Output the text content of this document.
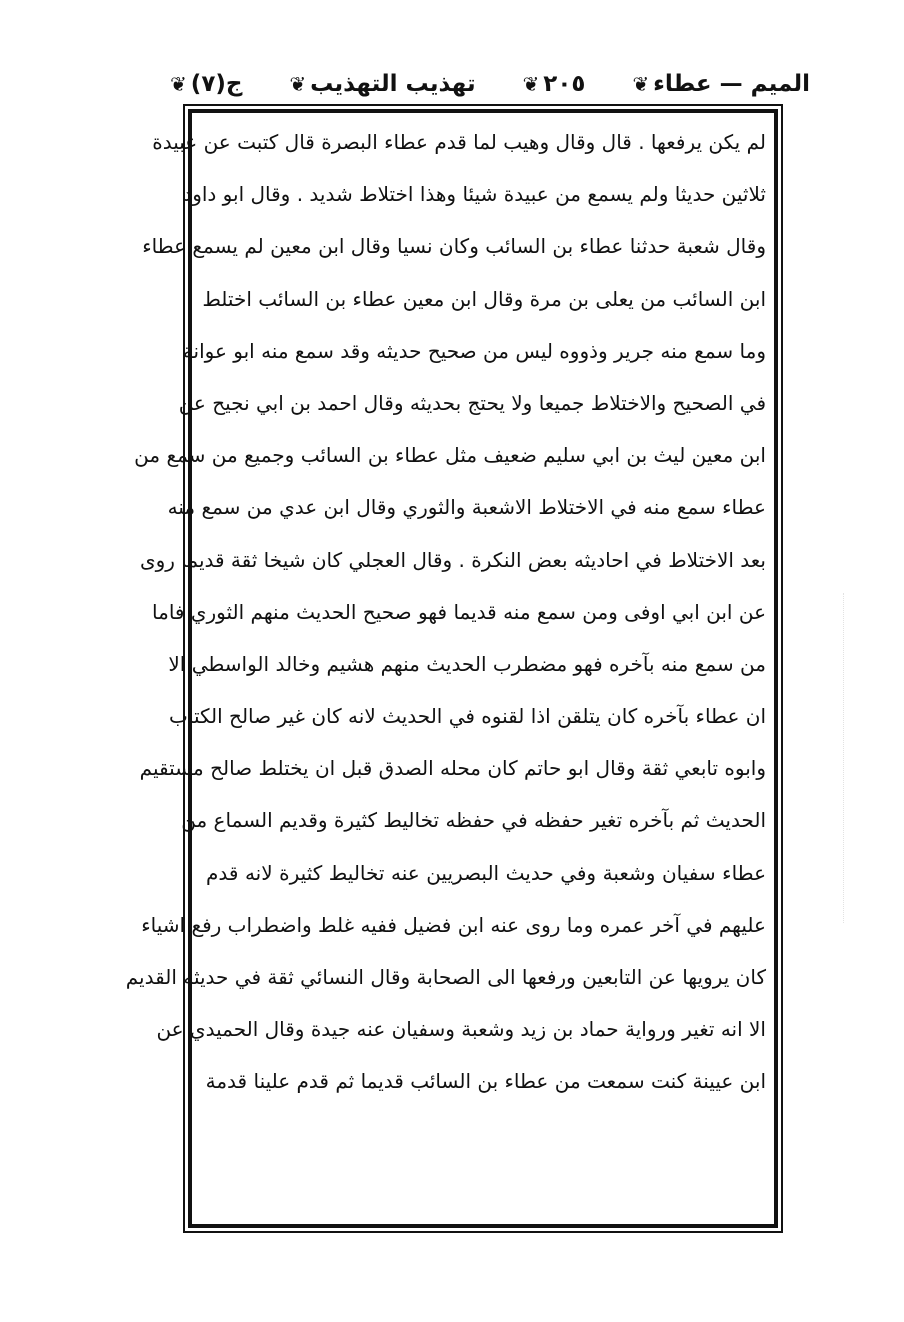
ج(٧)
❦	تهذيب التهذيب
❦	٢٠٥
❦	الميم — عطاء
❦
لم يكن يرفعها . قال وقال وهيب لما قدم عطاء البصرة قال كتبت عن عبيدة
ثلاثين حديثا ولم يسمع من عبيدة شيئا وهذا اختلاط شديد . وقال ابو داود
وقال شعبة حدثنا عطاء بن السائب وكان نسيا وقال ابن معين لم يسمع عطاء
ابن السائب من يعلى بن مرة وقال ابن معين عطاء بن السائب اختلط
وما سمع منه جرير وذووه ليس من صحيح حديثه وقد سمع منه ابو عوانة
في الصحيح والاختلاط جميعا ولا يحتج بحديثه وقال احمد بن ابي نجيح عن
ابن معين ليث بن ابي سليم ضعيف مثل عطاء بن السائب وجميع من سمع من
عطاء سمع منه في الاختلاط الاشعبة والثوري وقال ابن عدي من سمع منه
بعد الاختلاط في احاديثه بعض النكرة . وقال العجلي كان شيخا ثقة قديما روى
عن ابن ابي اوفى ومن سمع منه قديما فهو صحيح الحديث منهم الثوري فاما
من سمع منه بآخره فهو مضطرب الحديث منهم هشيم وخالد الواسطي الا
ان عطاء بآخره كان يتلقن اذا لقنوه في الحديث لانه كان غير صالح الكتاب
وابوه تابعي ثقة وقال ابو حاتم كان محله الصدق قبل ان يختلط صالح مستقيم
الحديث ثم بآخره تغير حفظه في حفظه تخاليط كثيرة وقديم السماع من
عطاء سفيان وشعبة وفي حديث البصريين عنه تخاليط كثيرة لانه قدم
عليهم في آخر عمره وما روى عنه ابن فضيل ففيه غلط واضطراب رفع اشياء
كان يرويها عن التابعين ورفعها الى الصحابة وقال النسائي ثقة في حديثه القديم
الا انه تغير ورواية حماد بن زيد وشعبة وسفيان عنه جيدة وقال الحميدي عن
ابن عيينة كنت سمعت من عطاء بن السائب قديما ثم قدم علينا قدمة
